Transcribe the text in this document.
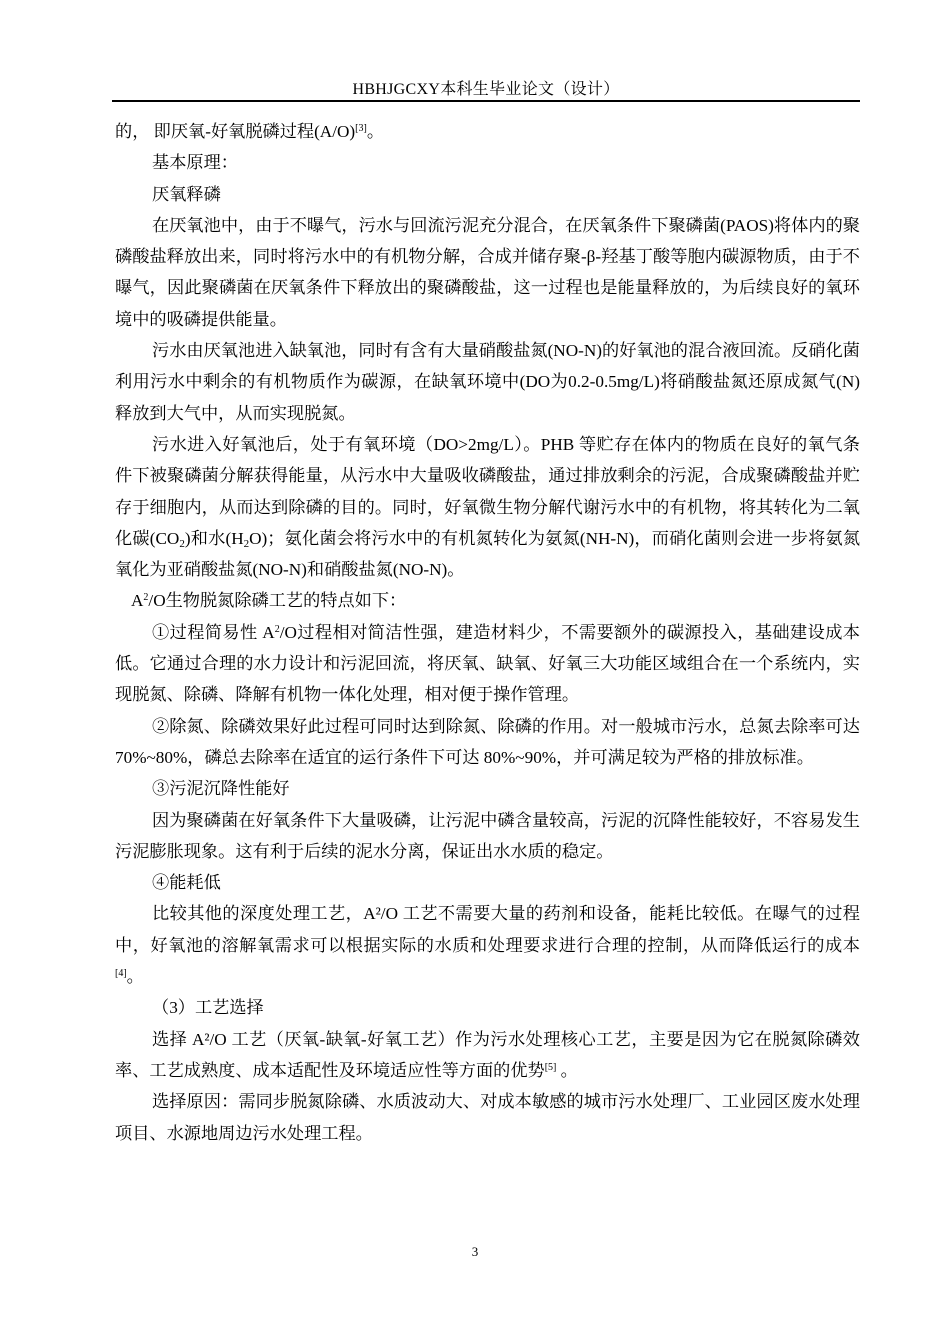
HBHJGCXY本科生毕业论文（设计）

的， 即厌氧-好氧脱磷过程(A/O)[3]。

基本原理：

厌氧释磷

在厌氧池中，由于不曝气，污水与回流污泥充分混合，在厌氧条件下聚磷菌(PAOS)将体内的聚磷酸盐释放出来，同时将污水中的有机物分解，合成并储存聚-β-羟基丁酸等胞内碳源物质，由于不曝气，因此聚磷菌在厌氧条件下释放出的聚磷酸盐，这一过程也是能量释放的，为后续良好的氧环境中的吸磷提供能量。

污水由厌氧池进入缺氧池，同时有含有大量硝酸盐氮(NO-N)的好氧池的混合液回流。反硝化菌利用污水中剩余的有机物质作为碳源，在缺氧环境中(DO为0.2-0.5mg/L)将硝酸盐氮还原成氮气(N)释放到大气中，从而实现脱氮。

污水进入好氧池后，处于有氧环境（DO>2mg/L）。PHB 等贮存在体内的物质在良好的氧气条件下被聚磷菌分解获得能量，从污水中大量吸收磷酸盐，通过排放剩余的污泥，合成聚磷酸盐并贮存于细胞内，从而达到除磷的目的。同时，好氧微生物分解代谢污水中的有机物，将其转化为二氧化碳$(CO_2)$和水$(H_2O)$；氨化菌会将污水中的有机氮转化为氨氮(NH-N)，而硝化菌则会进一步将氨氮氧化为亚硝酸盐氮(NO-N)和硝酸盐氮(NO-N)。

$A^2/O$生物脱氮除磷工艺的特点如下：

①过程简易性 $A^2/O$过程相对简洁性强，建造材料少，不需要额外的碳源投入，基础建设成本低。它通过合理的水力设计和污泥回流，将厌氧、缺氧、好氧三大功能区域组合在一个系统内，实现脱氮、除磷、降解有机物一体化处理，相对便于操作管理。

②除氮、除磷效果好此过程可同时达到除氮、除磷的作用。对一般城市污水，总氮去除率可达 70%~80%，磷总去除率在适宜的运行条件下可达 80%~90%，并可满足较为严格的排放标准。

③污泥沉降性能好

因为聚磷菌在好氧条件下大量吸磷，让污泥中磷含量较高，污泥的沉降性能较好，不容易发生污泥膨胀现象。这有利于后续的泥水分离，保证出水水质的稳定。

④能耗低

比较其他的深度处理工艺，A²/O 工艺不需要大量的药剂和设备，能耗比较低。在曝气的过程中，好氧池的溶解氧需求可以根据实际的水质和处理要求进行合理的控制，从而降低运行的成本[4]。

（3）工艺选择

选择 A²/O 工艺（厌氧-缺氧-好氧工艺）作为污水处理核心工艺，主要是因为它在脱氮除磷效率、工艺成熟度、成本适配性及环境适应性等方面的优势[5] 。

选择原因：需同步脱氮除磷、水质波动大、对成本敏感的城市污水处理厂、工业园区废水处理项目、水源地周边污水处理工程。

3
